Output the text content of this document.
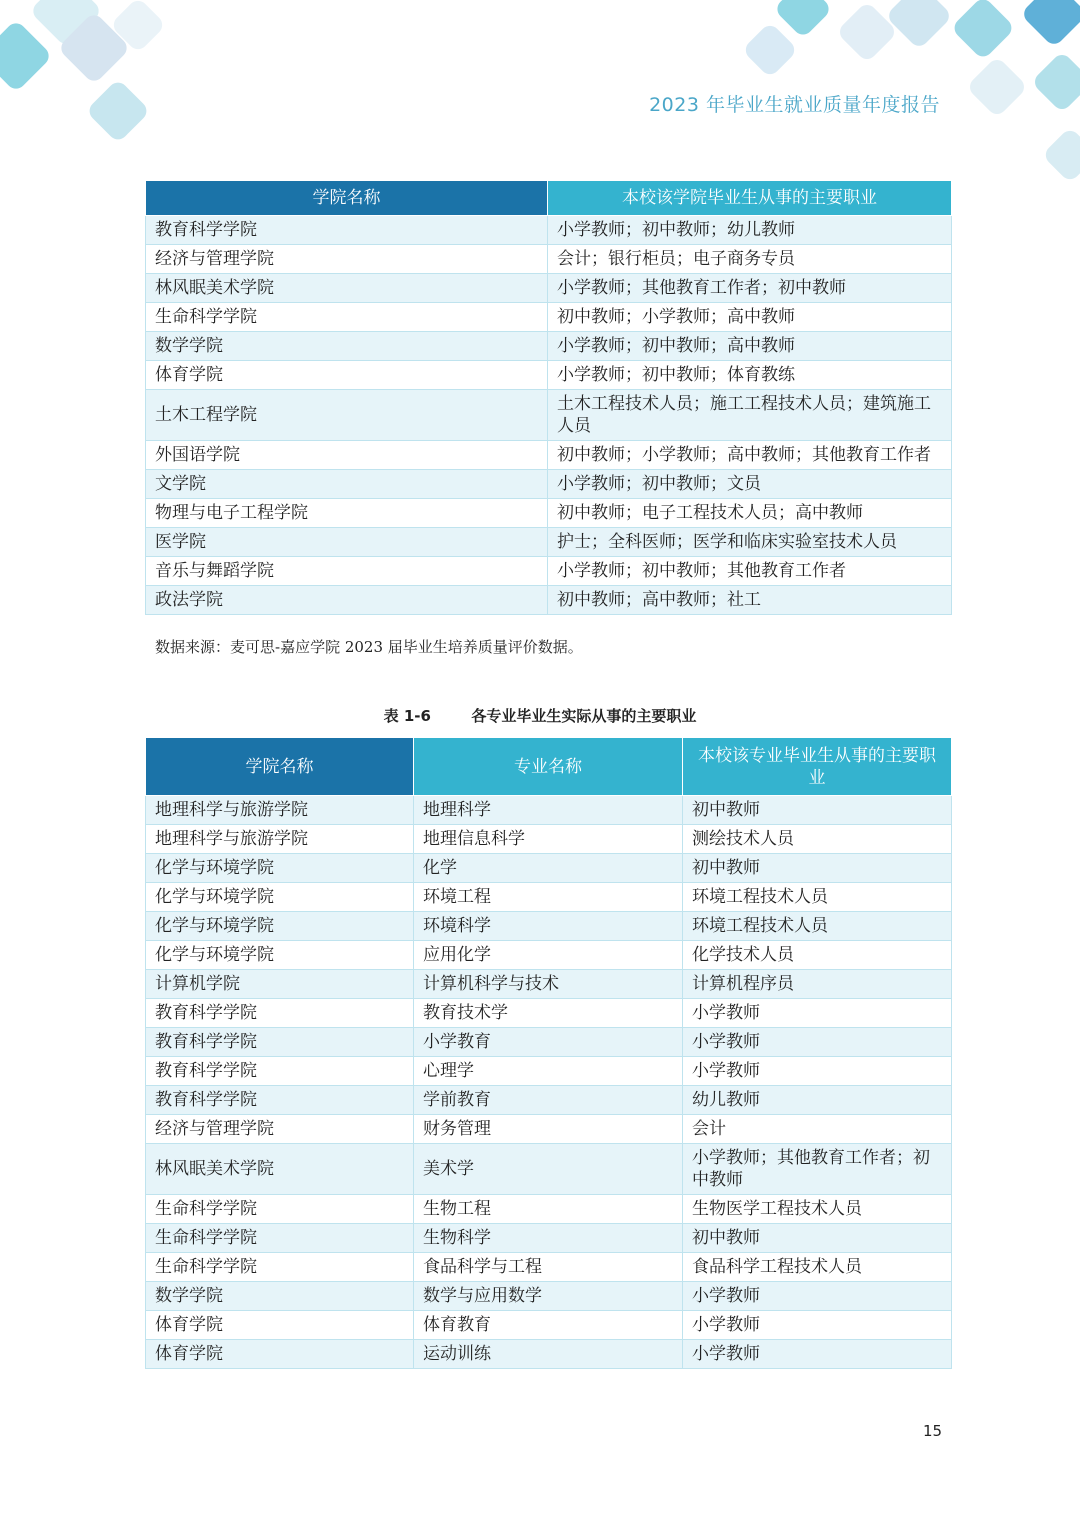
2023 年毕业生就业质量年度报告
学院名称	本校该学院毕业生从事的主要职业
教育科学学院	小学教师；初中教师；幼儿教师
经济与管理学院	会计；银行柜员；电子商务专员
林风眠美术学院	小学教师；其他教育工作者；初中教师
生命科学学院	初中教师；小学教师；高中教师
数学学院	小学教师；初中教师；高中教师
体育学院	小学教师；初中教师；体育教练
土木工程学院	土木工程技术人员；施工工程技术人员；建筑施工人员
外国语学院	初中教师；小学教师；高中教师；其他教育工作者
文学院	小学教师；初中教师；文员
物理与电子工程学院	初中教师；电子工程技术人员；高中教师
医学院	护士；全科医师；医学和临床实验室技术人员
音乐与舞蹈学院	小学教师；初中教师；其他教育工作者
政法学院	初中教师；高中教师；社工
数据来源：麦可思-嘉应学院 2023 届毕业生培养质量评价数据。
表 1-6	各专业毕业生实际从事的主要职业
学院名称	专业名称	本校该专业毕业生从事的主要职业
地理科学与旅游学院	地理科学	初中教师
地理科学与旅游学院	地理信息科学	测绘技术人员
化学与环境学院	化学	初中教师
化学与环境学院	环境工程	环境工程技术人员
化学与环境学院	环境科学	环境工程技术人员
化学与环境学院	应用化学	化学技术人员
计算机学院	计算机科学与技术	计算机程序员
教育科学学院	教育技术学	小学教师
教育科学学院	小学教育	小学教师
教育科学学院	心理学	小学教师
教育科学学院	学前教育	幼儿教师
经济与管理学院	财务管理	会计
林风眠美术学院	美术学	小学教师；其他教育工作者；初中教师
生命科学学院	生物工程	生物医学工程技术人员
生命科学学院	生物科学	初中教师
生命科学学院	食品科学与工程	食品科学工程技术人员
数学学院	数学与应用数学	小学教师
体育学院	体育教育	小学教师
体育学院	运动训练	小学教师
15
